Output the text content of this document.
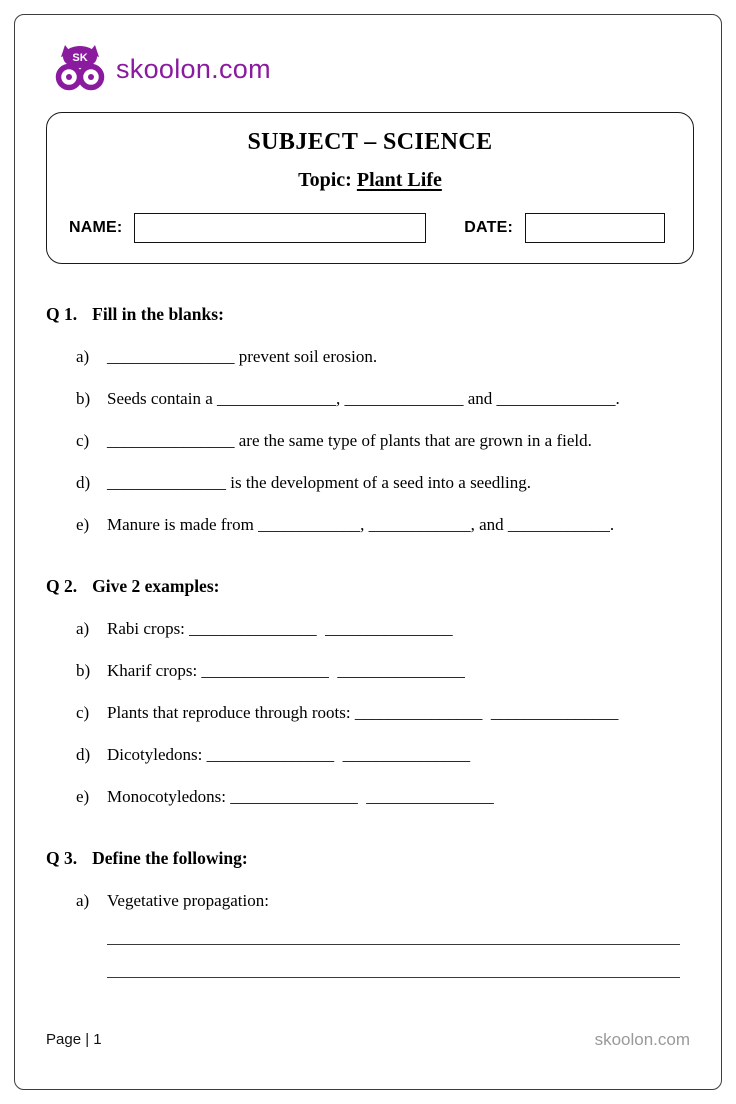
SK skoolon.com
SUBJECT – SCIENCE
Topic: Plant Life
NAME:	DATE:
Q 1. Fill in the blanks:
a)	_______________ prevent soil erosion.
b) Seeds contain a ______________, ______________ and ______________.
c)	_______________ are the same type of plants that are grown in a field.
d) ______________ is the development of a seed into a seedling.
e)	Manure is made from ____________, ____________, and ____________.
Q 2. Give 2 examples:
a)	Rabi crops: _______________  _______________
b) Kharif crops: _______________  _______________
c)	Plants that reproduce through roots: _______________  _______________
d) Dicotyledons: _______________  _______________
e)	Monocotyledons: _______________  _______________
Q 3. Define the following:
a)	Vegetative propagation:
Page | 1	skoolon.com
